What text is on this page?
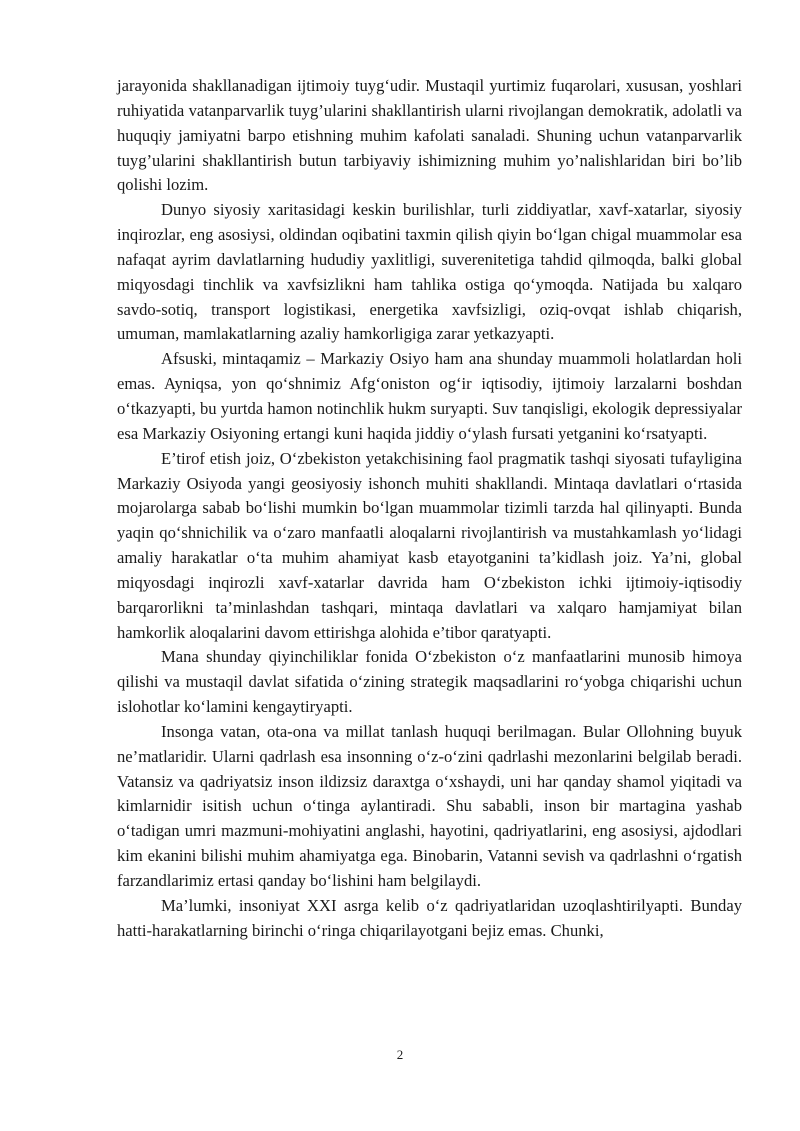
jarayonida shakllanadigan ijtimoiy tuyg‘udir. Mustaqil yurtimiz fuqarolari, xususan, yoshlari ruhiyatida vatanparvarlik tuyg’ularini shakllantirish ularni rivojlangan demokratik, adolatli va huquqiy jamiyatni barpo etishning muhim kafolati sanaladi. Shuning uchun vatanparvarlik tuyg’ularini shakllantirish butun tarbiyaviy ishimizning muhim yo’nalishlaridan biri bo’lib qolishi lozim.

Dunyo siyosiy xaritasidagi keskin burilishlar, turli ziddiyatlar, xavf-xatarlar, siyosiy inqirozlar, eng asosiysi, oldindan oqibatini taxmin qilish qiyin bo‘lgan chigal muammolar esa nafaqat ayrim davlatlarning hududiy yaxlitligi, suverenitetiga tahdid qilmoqda, balki global miqyosdagi tinchlik va xavfsizlikni ham tahlika ostiga qo‘ymoqda. Natijada bu xalqaro savdo-sotiq, transport logistikasi, energetika xavfsizligi, oziq-ovqat ishlab chiqarish, umuman, mamlakatlarning azaliy hamkorligiga zarar yetkazyapti.

Afsuski, mintaqamiz – Markaziy Osiyo ham ana shunday muammoli holatlardan holi emas. Ayniqsa, yon qo‘shnimiz Afg‘oniston og‘ir iqtisodiy, ijtimoiy larzalarni boshdan o‘tkazyapti, bu yurtda hamon notinchlik hukm suryapti. Suv tanqisligi, ekologik depressiyalar esa Markaziy Osiyoning ertangi kuni haqida jiddiy o‘ylash fursati yetganini ko‘rsatyapti.

E’tirof etish joiz, O‘zbekiston yetakchisining faol pragmatik tashqi siyosati tufayligina Markaziy Osiyoda yangi geosiyosiy ishonch muhiti shakllandi. Mintaqa davlatlari o‘rtasida mojarolarga sabab bo‘lishi mumkin bo‘lgan muammolar tizimli tarzda hal qilinyapti. Bunda yaqin qo‘shnichilik va o‘zaro manfaatli aloqalarni rivojlantirish va mustahkamlash yo‘lidagi amaliy harakatlar o‘ta muhim ahamiyat kasb etayotganini ta’kidlash joiz. Ya’ni, global miqyosdagi inqirozli xavf-xatarlar davrida ham O‘zbekiston ichki ijtimoiy-iqtisodiy barqarorlikni ta’minlashdan tashqari, mintaqa davlatlari va xalqaro hamjamiyat bilan hamkorlik aloqalarini davom ettirishga alohida e’tibor qaratyapti.

Mana shunday qiyinchiliklar fonida O‘zbekiston o‘z manfaatlarini munosib himoya qilishi va mustaqil davlat sifatida o‘zining strategik maqsadlarini ro‘yobga chiqarishi uchun islohotlar ko‘lamini kengaytiryapti.

Insonga vatan, ota-ona va millat tanlash huquqi berilmagan. Bular Ollohning buyuk ne’matlaridir. Ularni qadrlash esa insonning o‘z-o‘zini qadrlashi mezonlarini belgilab beradi. Vatansiz va qadriyatsiz inson ildizsiz daraxtga o‘xshaydi, uni har qanday shamol yiqitadi va kimlarnidir isitish uchun o‘tinga aylantiradi. Shu sababli, inson bir martagina yashab o‘tadigan umri mazmuni-mohiyatini anglashi, hayotini, qadriyatlarini, eng asosiysi, ajdodlari kim ekanini bilishi muhim ahamiyatga ega. Binobarin, Vatanni sevish va qadrlashni o‘rgatish farzandlarimiz ertasi qanday bo‘lishini ham belgilaydi.

Ma’lumki, insoniyat XXI asrga kelib o‘z qadriyatlaridan uzoqlashtirilyapti. Bunday hatti-harakatlarning birinchi o‘ringa chiqarilayotgani bejiz emas. Chunki,

2
